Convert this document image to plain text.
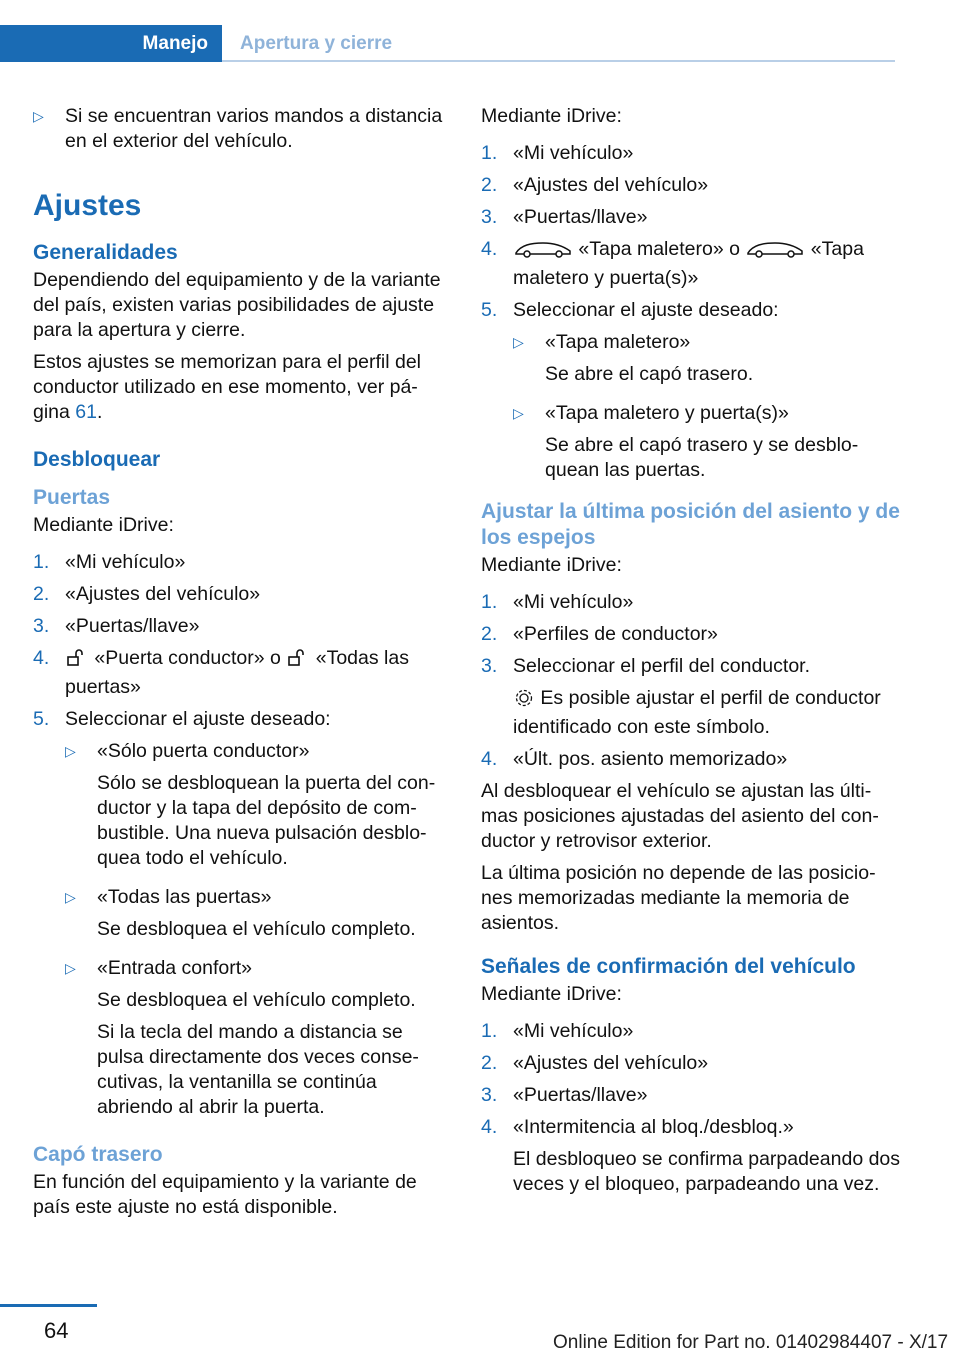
Manejo	Apertura y cierre
▷ Si se encuentran varios mandos a distancia en el exterior del vehículo.
Ajustes
Generalidades

Dependiendo del equipamiento y de la variante del país, existen varias posibilidades de ajuste para la apertura y cierre.

Estos ajustes se memorizan para el perfil del conductor utilizado en ese momento, ver pá‐gina 61.

Desbloquear
Puertas

Mediante iDrive:

1. «Mi vehículo»
2. «Ajustes del vehículo»
3. «Puertas/llave»
4. «Puerta conductor» o «Todas las puertas»
5. Seleccionar el ajuste deseado:
▷ «Sólo puerta conductor»
Sólo se desbloquean la puerta del con‐ductor y la tapa del depósito de com‐bustible. Una nueva pulsación desblo‐quea todo el vehículo.
▷ «Todas las puertas»
Se desbloquea el vehículo completo.
▷ «Entrada confort»
Se desbloquea el vehículo completo.
Si la tecla del mando a distancia se pulsa directamente dos veces conse‐cutivas, la ventanilla se continúa abriendo al abrir la puerta.
Capó trasero

En función del equipamiento y la variante de país este ajuste no está disponible.

Mediante iDrive:

1. «Mi vehículo»
2. «Ajustes del vehículo»
3. «Puertas/llave»
4.	«Tapa maletero» o	«Tapa maletero y puerta(s)»
5. Seleccionar el ajuste deseado:
▷ «Tapa maletero»
Se abre el capó trasero.
▷ «Tapa maletero y puerta(s)»
Se abre el capó trasero y se desblo‐quean las puertas.
Ajustar la última posición del asiento y de los espejos

Mediante iDrive:

1. «Mi vehículo»
2. «Perfiles de conductor»
3. Seleccionar el perfil del conductor.
Es posible ajustar el perfil de conductor identificado con este símbolo.
4. «Últ. pos. asiento memorizado»

Al desbloquear el vehículo se ajustan las últi‐mas posiciones ajustadas del asiento del con‐ductor y retrovisor exterior.

La última posición no depende de las posicio‐nes memorizadas mediante la memoria de asientos.

Señales de confirmación del vehículo

Mediante iDrive:

1. «Mi vehículo»
2. «Ajustes del vehículo»
3. «Puertas/llave»
4. «Intermitencia al bloq./desbloq.»
El desbloqueo se confirma parpadeando dos veces y el bloqueo, parpadeando una vez.
64	Online Edition for Part no. 01402984407 - X/17
